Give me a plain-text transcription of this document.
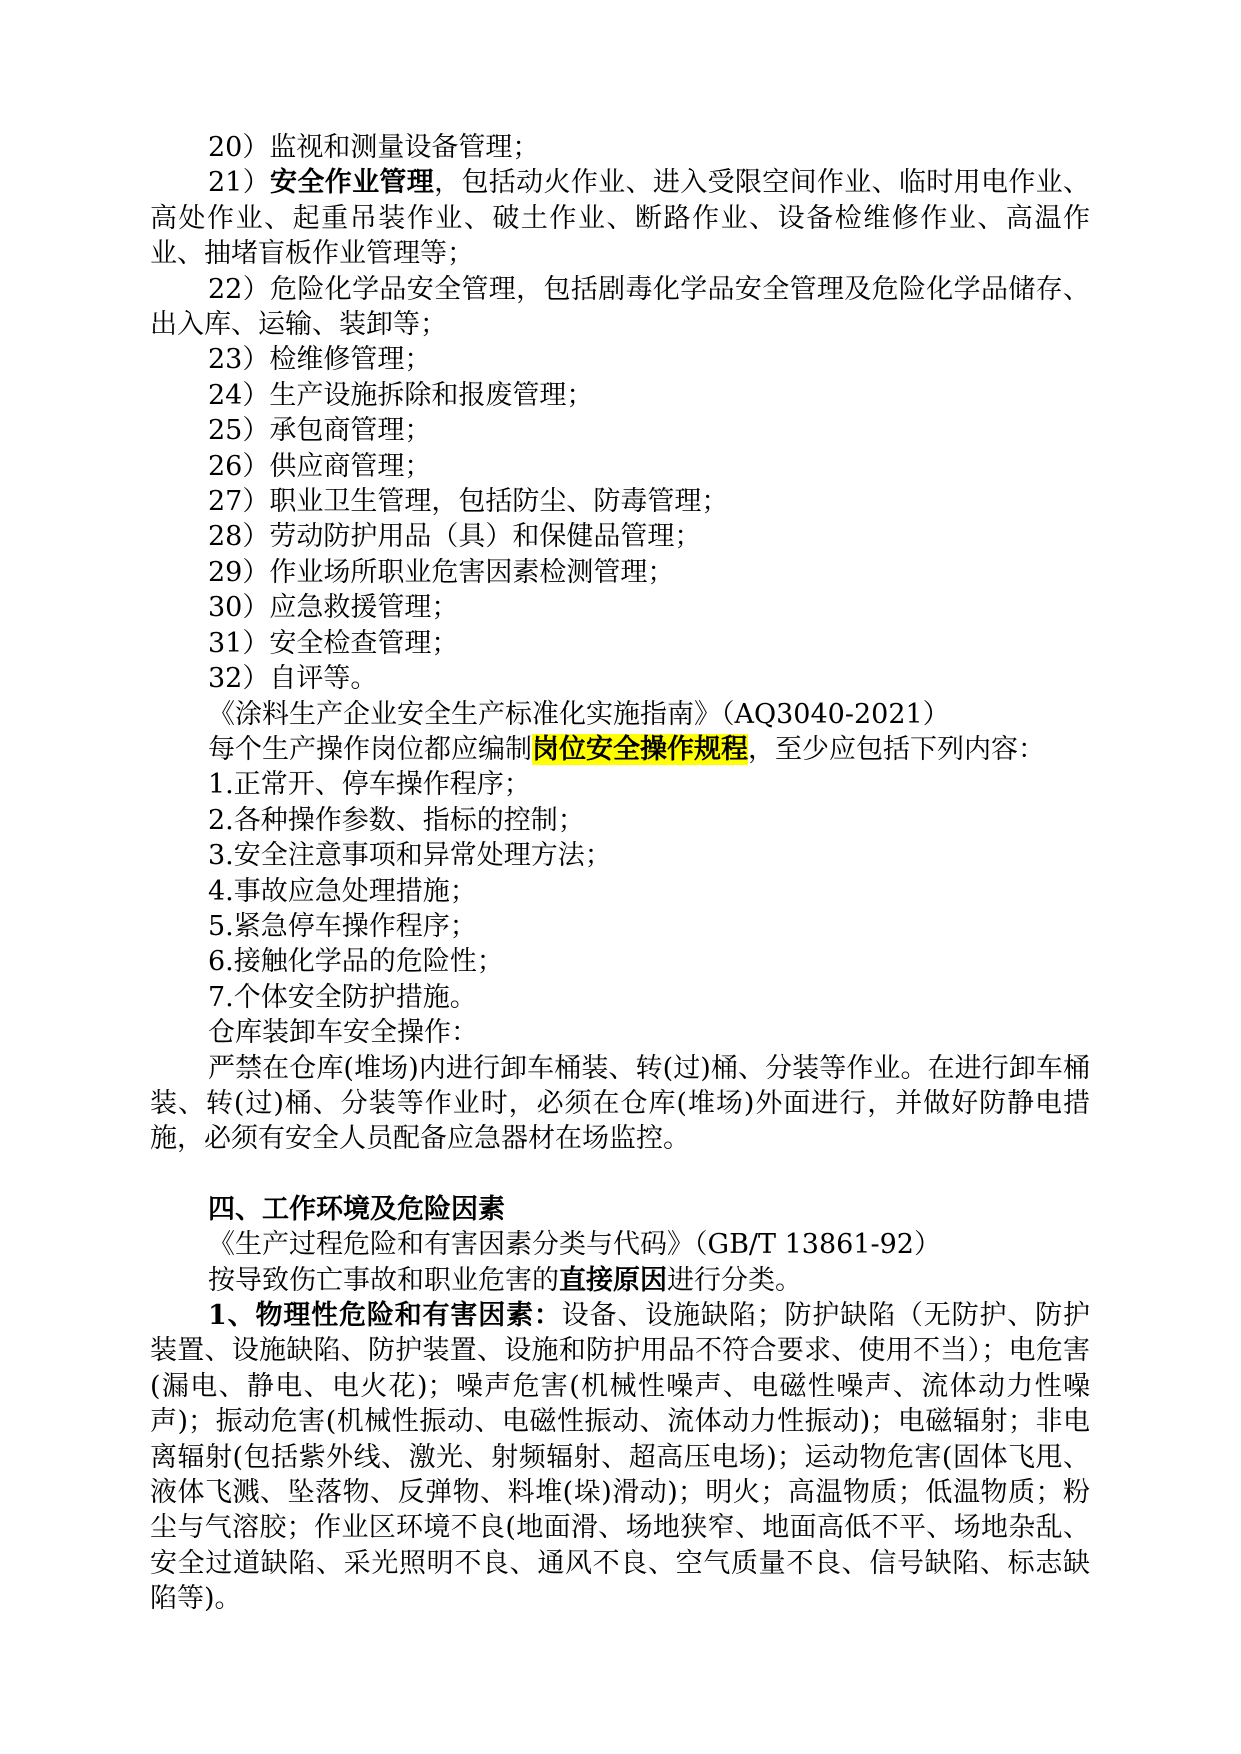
20）监视和测量设备管理；

21）安全作业管理，包括动火作业、进入受限空间作业、临时用电作业、高处作业、起重吊装作业、破土作业、断路作业、设备检维修作业、高温作业、抽堵盲板作业管理等；

22）危险化学品安全管理，包括剧毒化学品安全管理及危险化学品储存、出入库、运输、装卸等；

23）检维修管理；

24）生产设施拆除和报废管理；

25）承包商管理；

26）供应商管理；

27）职业卫生管理，包括防尘、防毒管理；

28）劳动防护用品（具）和保健品管理；

29）作业场所职业危害因素检测管理；

30）应急救援管理；

31）安全检查管理；

32）自评等。

《涂料生产企业安全生产标准化实施指南》（AQ3040-2021）

每个生产操作岗位都应编制岗位安全操作规程，至少应包括下列内容：

1.正常开、停车操作程序；

2.各种操作参数、指标的控制；

3.安全注意事项和异常处理方法；

4.事故应急处理措施；

5.紧急停车操作程序；

6.接触化学品的危险性；

7.个体安全防护措施。

仓库装卸车安全操作：

严禁在仓库(堆场)内进行卸车桶装、转(过)桶、分装等作业。在进行卸车桶装、转(过)桶、分装等作业时，必须在仓库(堆场)外面进行，并做好防静电措施，必须有安全人员配备应急器材在场监控。

四、工作环境及危险因素

《生产过程危险和有害因素分类与代码》（GB/T 13861-92）

按导致伤亡事故和职业危害的直接原因进行分类。

1、物理性危险和有害因素：设备、设施缺陷；防护缺陷（无防护、防护装置、设施缺陷、防护装置、设施和防护用品不符合要求、使用不当）；电危害(漏电、静电、电火花)；噪声危害(机械性噪声、电磁性噪声、流体动力性噪声)；振动危害(机械性振动、电磁性振动、流体动力性振动)；电磁辐射；非电离辐射(包括紫外线、激光、射频辐射、超高压电场)；运动物危害(固体飞甩、液体飞溅、坠落物、反弹物、料堆(垛)滑动)；明火；高温物质；低温物质；粉尘与气溶胶；作业区环境不良(地面滑、场地狭窄、地面高低不平、场地杂乱、安全过道缺陷、采光照明不良、通风不良、空气质量不良、信号缺陷、标志缺陷等)。
